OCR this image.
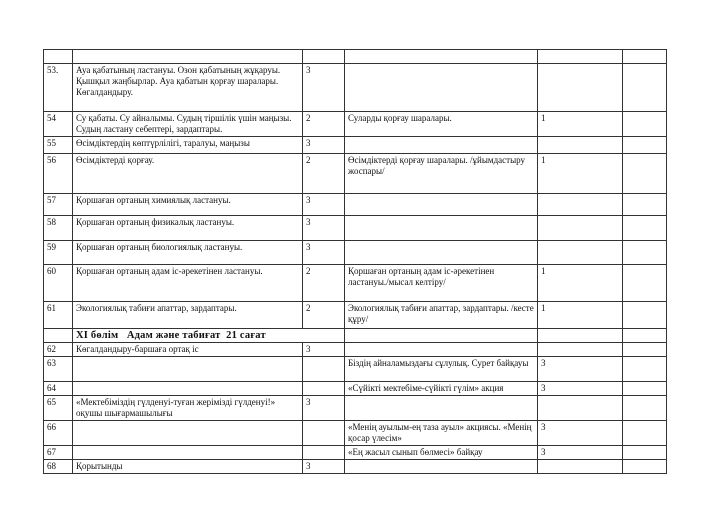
53.	Ауа қабатының ластануы. Озон қабатының жұқаруы. Қышқыл жаңбырлар. Ауа қабатын қорғау шаралары. Көгалдандыру.	3			
54	Су қабаты. Су айналымы. Судың тіршілік үшін маңызы. Судың ластану себептері, зардаптары.	2	Суларды қорғау шаралары.	1	
55	Өсімдіктердің көптүрлілігі, таралуы, маңызы	3			
56	Өсімдіктерді қорғау.	2	Өсімдіктерді қорғау шаралары. /ұйымдастыру жоспары/	1	
57	Қоршаған ортаның химиялық ластануы.	3			
58	Қоршаған ортаның физикалық ластануы.	3			
59	Қоршаған ортаның биологиялық ластануы.	3			
60	Қоршаған ортаның адам іс-әрекетінен ластануы.	2	Қоршаған ортаның адам іс-әрекетінен ластануы./мысал келтіру/	1	
61	Экологиялық табиғи апаттар, зардаптары.	2	Экологиялық табиғи апаттар, зардаптары. /кесте құру/	1	
	XI бөлім   Адам және табиғат  21 сағат				
62	Көгалдандыру-баршаға ортақ іс	3			
63			Біздің айналамыздағы сұлулық. Сурет байқауы	3	
64			«Сүйікті мектебіме-сүйікті гүлім» акция	3	
65	«Мектебіміздің гүлденуі-туған жерімізді гүлденуі!» оқушы шығармашылығы	3			
66			«Менің ауылым-ең таза ауыл» акциясы. «Менің қосар үлесім»	3	
67			«Ең жасыл сынып бөлмесі» байқау	3	
68	Қорытынды	3			
